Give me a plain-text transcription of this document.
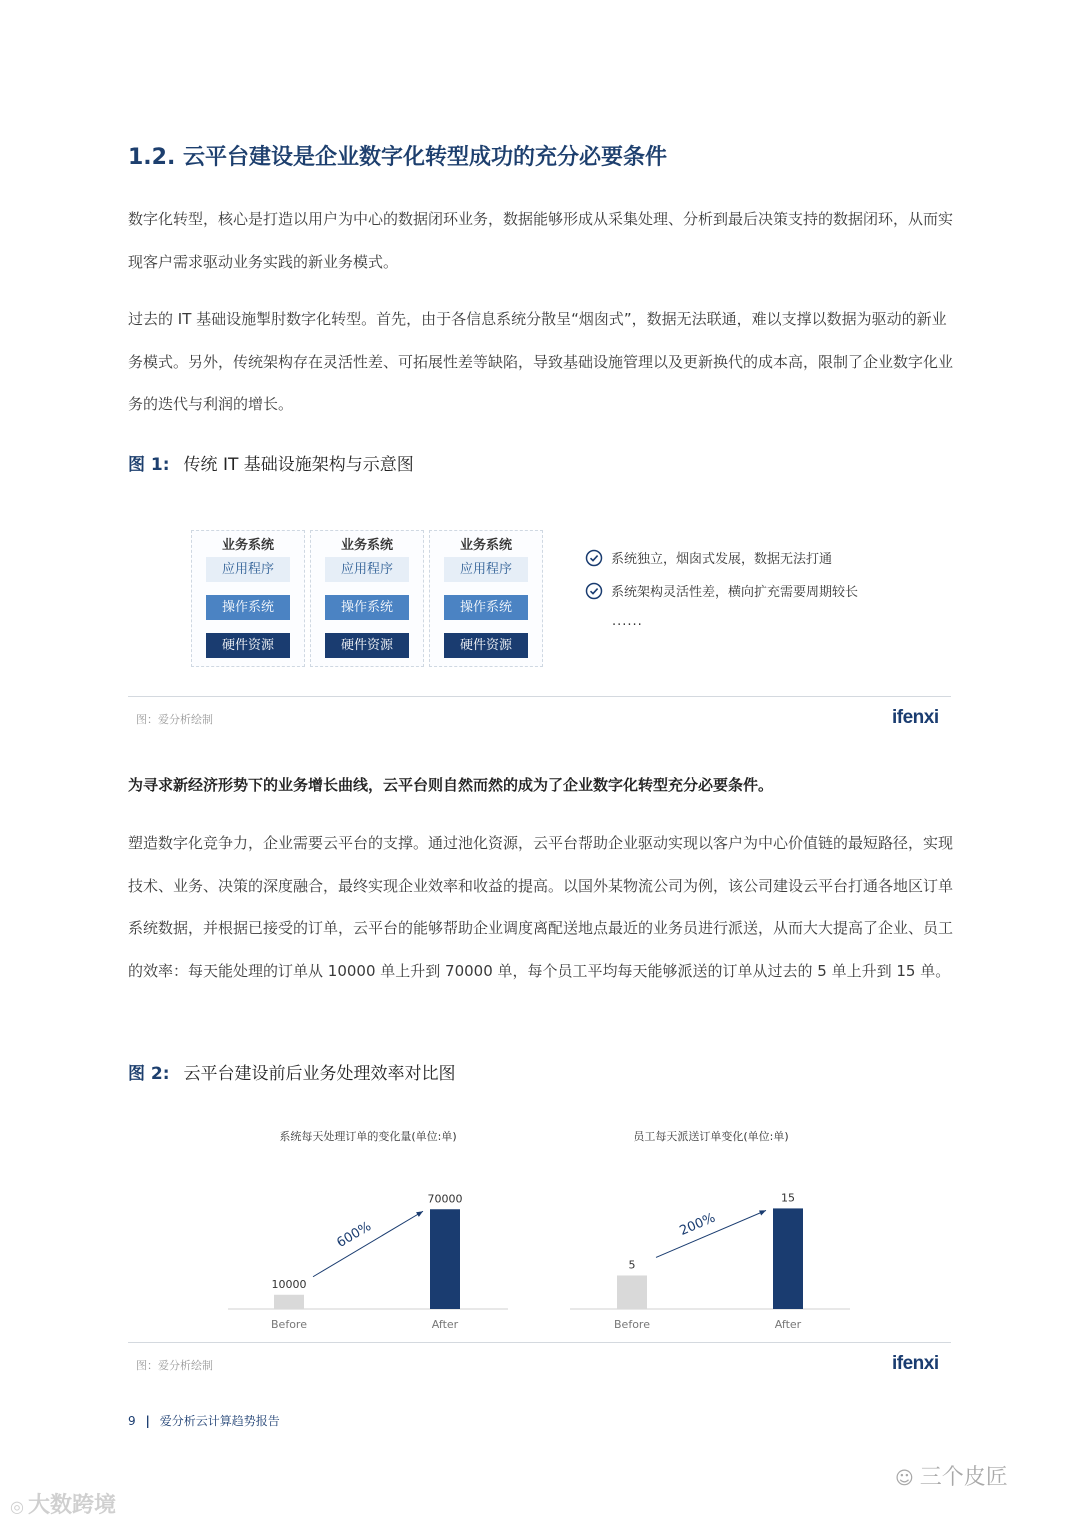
1.2. 云平台建设是企业数字化转型成功的充分必要条件
数字化转型，核心是打造以用户为中心的数据闭环业务，数据能够形成从采集处理、分析到最后决策支持的数据闭环，从而实现客户需求驱动业务实践的新业务模式。
过去的 IT 基础设施掣肘数字化转型。首先，由于各信息系统分散呈“烟囱式”，数据无法联通，难以支撑以数据为驱动的新业务模式。另外，传统架构存在灵活性差、可拓展性差等缺陷，导致基础设施管理以及更新换代的成本高，限制了企业数字化业务的迭代与利润的增长。
图 1: 传统 IT 基础设施架构与示意图
业务系统
应用程序
操作系统
硬件资源
业务系统
应用程序
操作系统
硬件资源
业务系统
应用程序
操作系统
硬件资源
系统独立，烟囱式发展，数据无法打通
系统架构灵活性差，横向扩充需要周期较长
......
图：爱分析绘制	ifenxi
为寻求新经济形势下的业务增长曲线，云平台则自然而然的成为了企业数字化转型充分必要条件。
塑造数字化竞争力，企业需要云平台的支撑。通过池化资源，云平台帮助企业驱动实现以客户为中心价值链的最短路径，实现技术、业务、决策的深度融合，最终实现企业效率和收益的提高。以国外某物流公司为例，该公司建设云平台打通各地区订单系统数据，并根据已接受的订单，云平台的能够帮助企业调度离配送地点最近的业务员进行派送，从而大大提高了企业、员工的效率：每天能处理的订单从 10000 单上升到 70000 单，每个员工平均每天能够派送的订单从过去的 5 单上升到 15 单。
图 2: 云平台建设前后业务处理效率对比图
系统每天处理订单的变化量(单位:单)
10000
Before
70000
After
600%
员工每天派送订单变化(单位:单)
5
Before
15
After
200%
图：爱分析绘制	ifenxi
9 | 爱分析云计算趋势报告
◎ 大数跨境
☺ 三个皮匠
